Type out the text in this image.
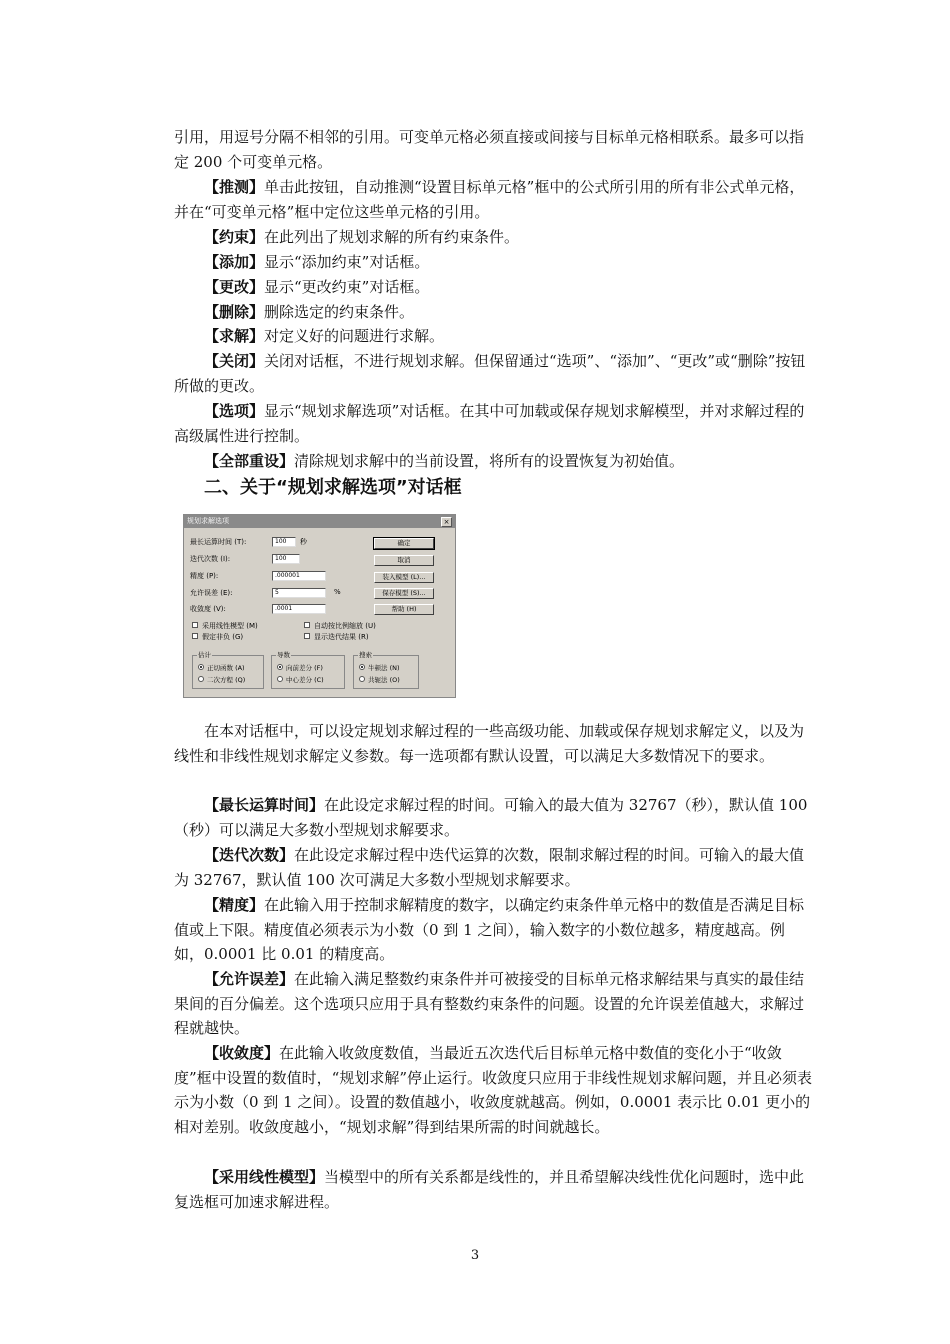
引用，用逗号分隔不相邻的引用。可变单元格必须直接或间接与目标单元格相联系。最多可以指定 200 个可变单元格。

【推测】单击此按钮，自动推测“设置目标单元格”框中的公式所引用的所有非公式单元格，并在“可变单元格”框中定位这些单元格的引用。

【约束】在此列出了规划求解的所有约束条件。

【添加】显示“添加约束”对话框。

【更改】显示“更改约束”对话框。

【删除】删除选定的约束条件。

【求解】对定义好的问题进行求解。

【关闭】关闭对话框，不进行规划求解。但保留通过“选项”、“添加”、“更改”或“删除”按钮所做的更改。

【选项】显示“规划求解选项”对话框。在其中可加载或保存规划求解模型，并对求解过程的高级属性进行控制。

【全部重设】清除规划求解中的当前设置，将所有的设置恢复为初始值。

二、关于“规划求解选项”对话框
规划求解选项	×
最长运算时间 (T):	100	秒
迭代次数 (I):	100
精度 (P):	.000001
允许误差 (E):	5	%
收敛度 (V):	.0001
确定
取消
装入模型 (L)...
保存模型 (S)...
帮助 (H)
采用线性模型 (M)
假定非负 (G)
自动按比例缩放 (U)
显示迭代结果 (R)
估计
正切函数 (A)
二次方程 (Q)
导数
向前差分 (F)
中心差分 (C)
搜索
牛顿法 (N)
共轭法 (O)

在本对话框中，可以设定规划求解过程的一些高级功能、加载或保存规划求解定义，以及为线性和非线性规划求解定义参数。每一选项都有默认设置，可以满足大多数情况下的要求。

【最长运算时间】在此设定求解过程的时间。可输入的最大值为 32767（秒），默认值 100（秒）可以满足大多数小型规划求解要求。

【迭代次数】在此设定求解过程中迭代运算的次数，限制求解过程的时间。可输入的最大值为 32767，默认值 100 次可满足大多数小型规划求解要求。

【精度】在此输入用于控制求解精度的数字，以确定约束条件单元格中的数值是否满足目标值或上下限。精度值必须表示为小数（0 到 1 之间），输入数字的小数位越多，精度越高。例如，0.0001 比 0.01 的精度高。

【允许误差】在此输入满足整数约束条件并可被接受的目标单元格求解结果与真实的最佳结果间的百分偏差。这个选项只应用于具有整数约束条件的问题。设置的允许误差值越大，求解过程就越快。

【收敛度】在此输入收敛度数值，当最近五次迭代后目标单元格中数值的变化小于“收敛度”框中设置的数值时，“规划求解”停止运行。收敛度只应用于非线性规划求解问题，并且必须表示为小数（0 到 1 之间）。设置的数值越小，收敛度就越高。例如，0.0001 表示比 0.01 更小的相对差别。收敛度越小，“规划求解”得到结果所需的时间就越长。

【采用线性模型】当模型中的所有关系都是线性的，并且希望解决线性优化问题时，选中此复选框可加速求解进程。

3
